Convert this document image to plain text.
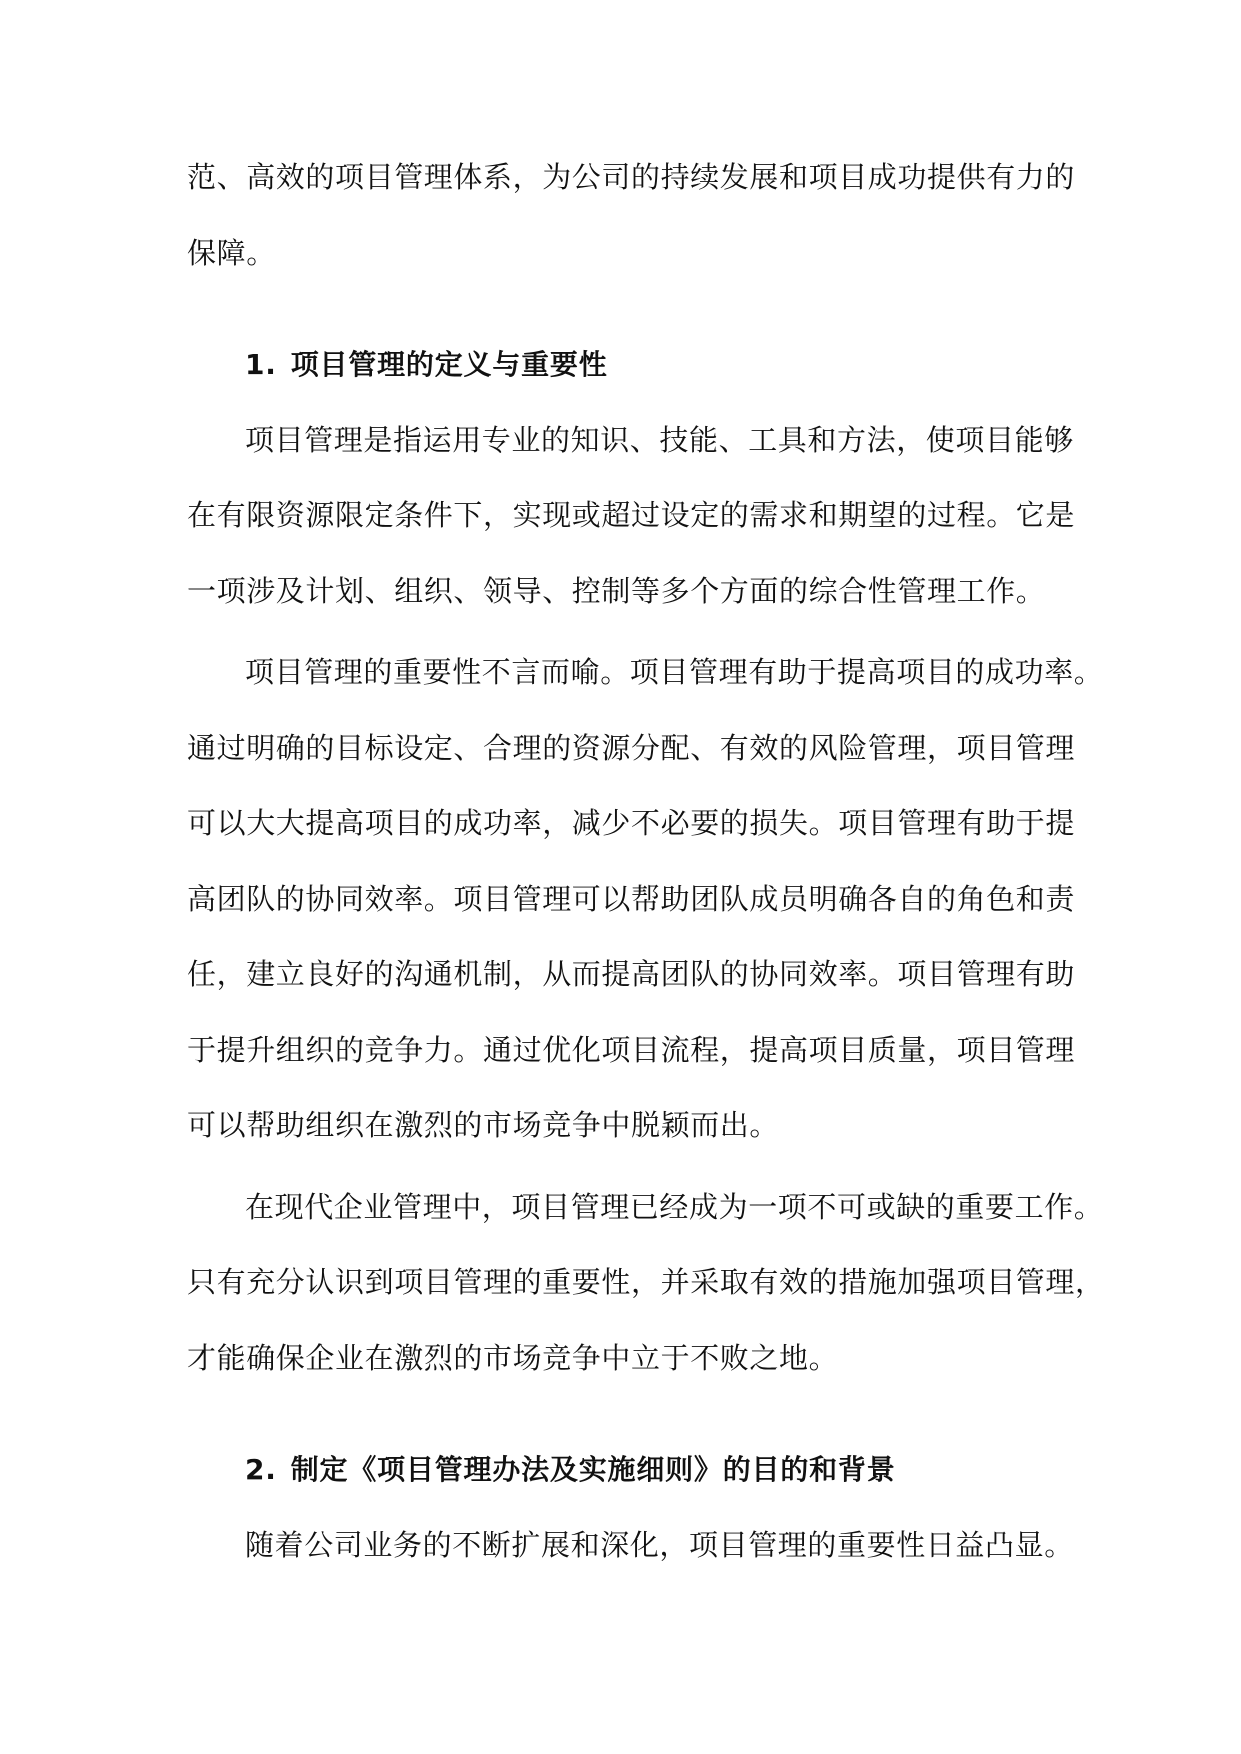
范、高效的项目管理体系，为公司的持续发展和项目成功提供有力的
保障。
1. 项目管理的定义与重要性
项目管理是指运用专业的知识、技能、工具和方法，使项目能够
在有限资源限定条件下，实现或超过设定的需求和期望的过程。它是
一项涉及计划、组织、领导、控制等多个方面的综合性管理工作。
项目管理的重要性不言而喻。项目管理有助于提高项目的成功率。
通过明确的目标设定、合理的资源分配、有效的风险管理，项目管理
可以大大提高项目的成功率，减少不必要的损失。项目管理有助于提
高团队的协同效率。项目管理可以帮助团队成员明确各自的角色和责
任，建立良好的沟通机制，从而提高团队的协同效率。项目管理有助
于提升组织的竞争力。通过优化项目流程，提高项目质量，项目管理
可以帮助组织在激烈的市场竞争中脱颖而出。
在现代企业管理中，项目管理已经成为一项不可或缺的重要工作。
只有充分认识到项目管理的重要性，并采取有效的措施加强项目管理，
才能确保企业在激烈的市场竞争中立于不败之地。
2. 制定《项目管理办法及实施细则》的目的和背景
随着公司业务的不断扩展和深化，项目管理的重要性日益凸显。
